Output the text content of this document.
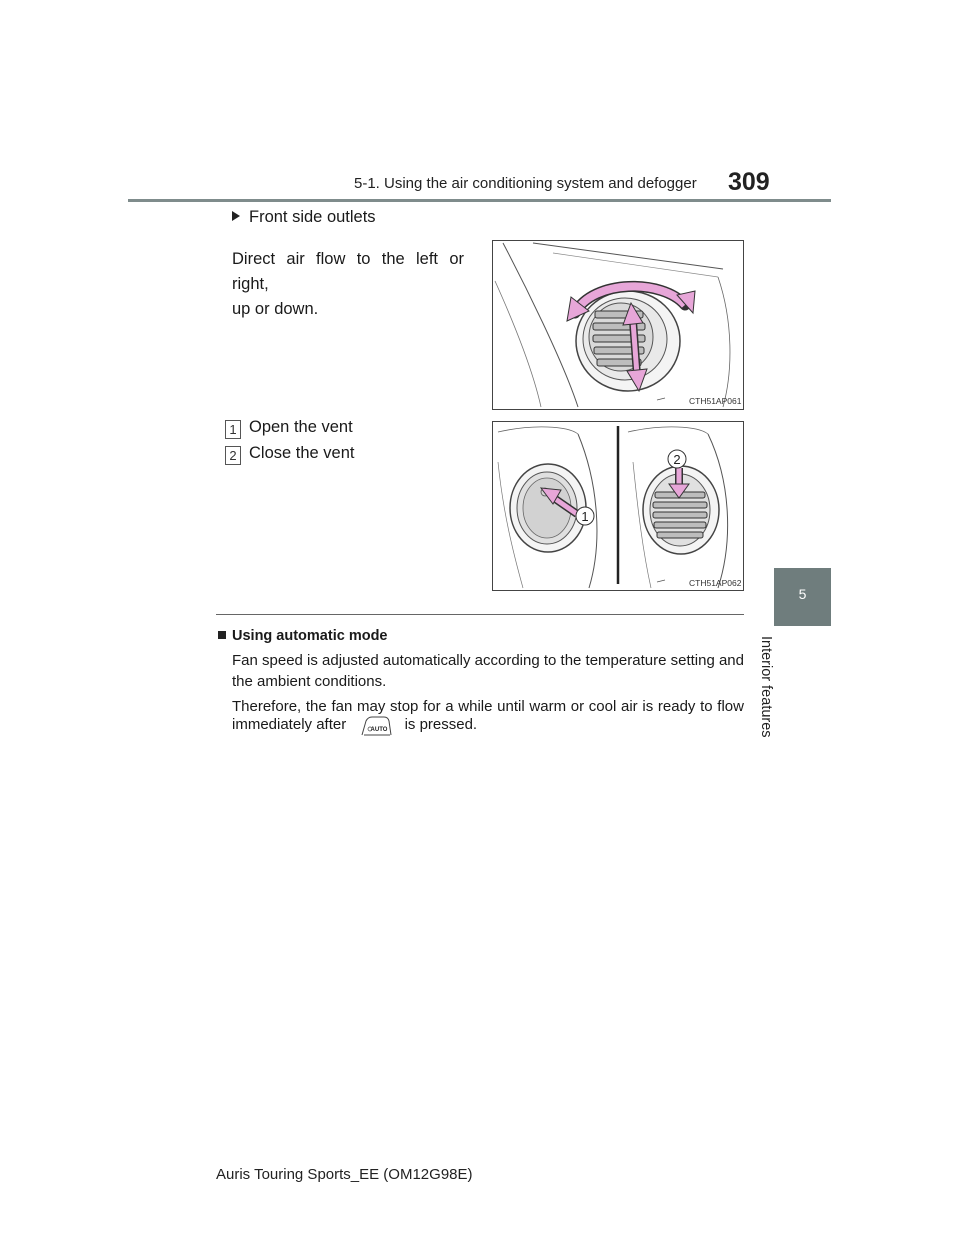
5-1. Using the air conditioning system and defogger 309
5
Interior features
Front side outlets
Direct air flow to the left or right,
up or down.
CTH51AP061
1 Open the vent
2 Close the vent
1
2
CTH51AP062
Using automatic mode
Fan speed is adjusted automatically according to the temperature setting and
the ambient conditions.
Therefore, the fan may stop for a while until warm or cool air is ready to flow
immediately after	AUTO is pressed.
Auris Touring Sports_EE (OM12G98E)
